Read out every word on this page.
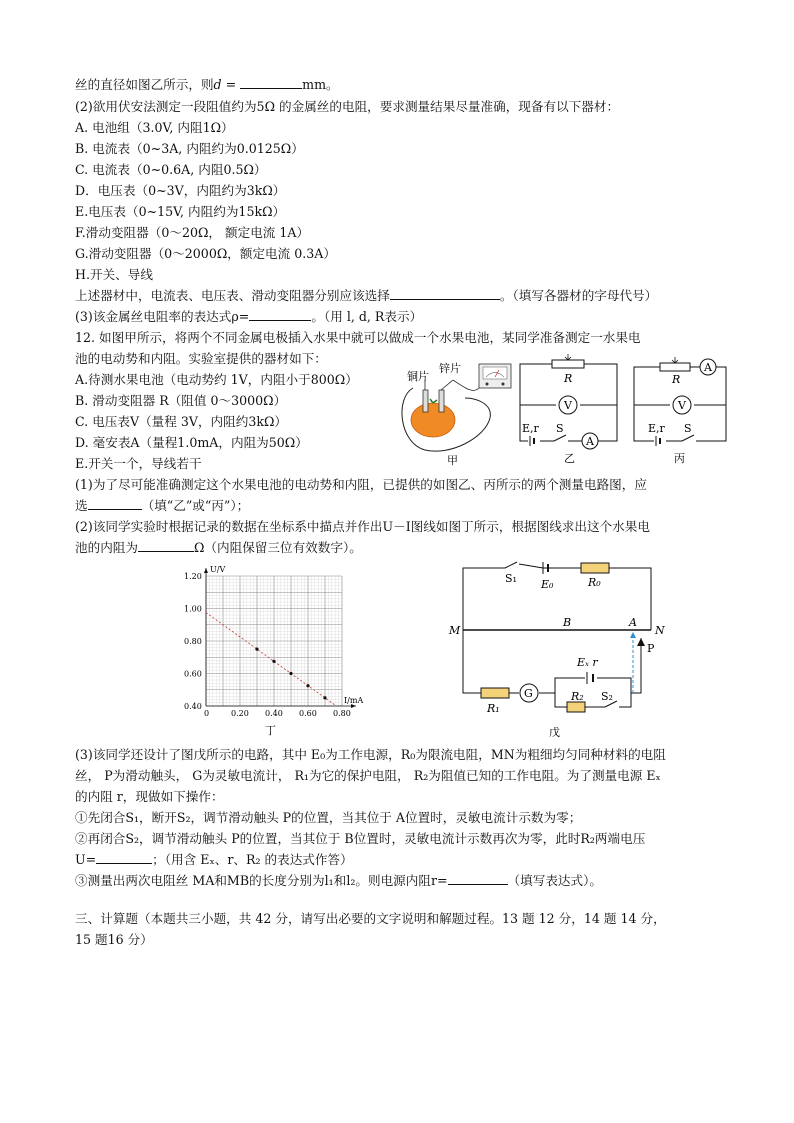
丝的直径如图乙所示，则d =	mm。
(2)欲用伏安法测定一段阻值约为5Ω 的金属丝的电阻，要求测量结果尽量准确，现备有以下器材：
A. 电池组（3.0V, 内阻1Ω）
B. 电流表（0~3A, 内阻约为0.0125Ω）
C. 电流表（0~0.6A, 内阻0.5Ω）
D．电压表（0~3V，内阻约为3kΩ）
E.电压表（0~15V, 内阻约为15kΩ）
F.滑动变阻器（0～20Ω， 额定电流 1A）
G.滑动变阻器（0～2000Ω，额定电流 0.3A）
H.开关、导线
上述器材中，电流表、电压表、滑动变阻器分别应该选择	。（填写各器材的字母代号）
(3)该金属丝电阻率的表达式ρ=	。（用 l, d, R表示）
12. 如图甲所示，将两个不同金属电极插入水果中就可以做成一个水果电池，某同学准备测定一水果电
池的电动势和内阻。实验室提供的器材如下：
A.待测水果电池（电动势约 1V，内阻小于800Ω）
B. 滑动变阻器 R（阻值 0～3000Ω）
C. 电压表V（量程 3V，内阻约3kΩ）
D. 毫安表A（量程1.0mA，内阻为50Ω）
E.开关一个，导线若干
(1)为了尽可能准确测定这个水果电池的电动势和内阻，已提供的如图乙、丙所示的两个测量电路图，应
选	（填“乙”或“丙”）；
(2)该同学实验时根据记录的数据在坐标系中描点并作出U－I图线如图丁所示，根据图线求出这个水果电
池的内阻为	Ω（内阻保留三位有效数字）。
(3)该同学还设计了图戊所示的电路，其中 E₀为工作电源，R₀为限流电阻，MN为粗细均匀同种材料的电阻
丝， P为滑动触头， G为灵敏电流计， R₁为它的保护电阻， R₂为阻值已知的工作电阻。为了测量电源 Eₓ
的内阻 r，现做如下操作：
①先闭合S₁，断开S₂，调节滑动触头 P的位置，当其位于 A位置时，灵敏电流计示数为零；
②再闭合S₂，调节滑动触头 P的位置，当其位于 B位置时，灵敏电流计示数再次为零，此时R₂两端电压
U=	；（用含 Eₓ、r、R₂ 的表达式作答）
③测量出两次电阻丝 MA和MB的长度分别为l₁和l₂。则电源内阻r=	（填写表达式）。
三、计算题（本题共三小题，共 42 分，请写出必要的文字说明和解题过程。13 题 12 分，14 题 14 分，
15 题16 分）
铜片
锌片
甲
R
V
E,r S
A
乙
A
R
V
E,r S
丙
0	0.20 0.40 0.60 0.80
0.40
0.60
0.80
1.00
1.20
U/V
I/mA
丁
S₁ E₀	R₀
M
B	A
N
P
R₁
G
Eₓ r
R₂ S₂
戊
